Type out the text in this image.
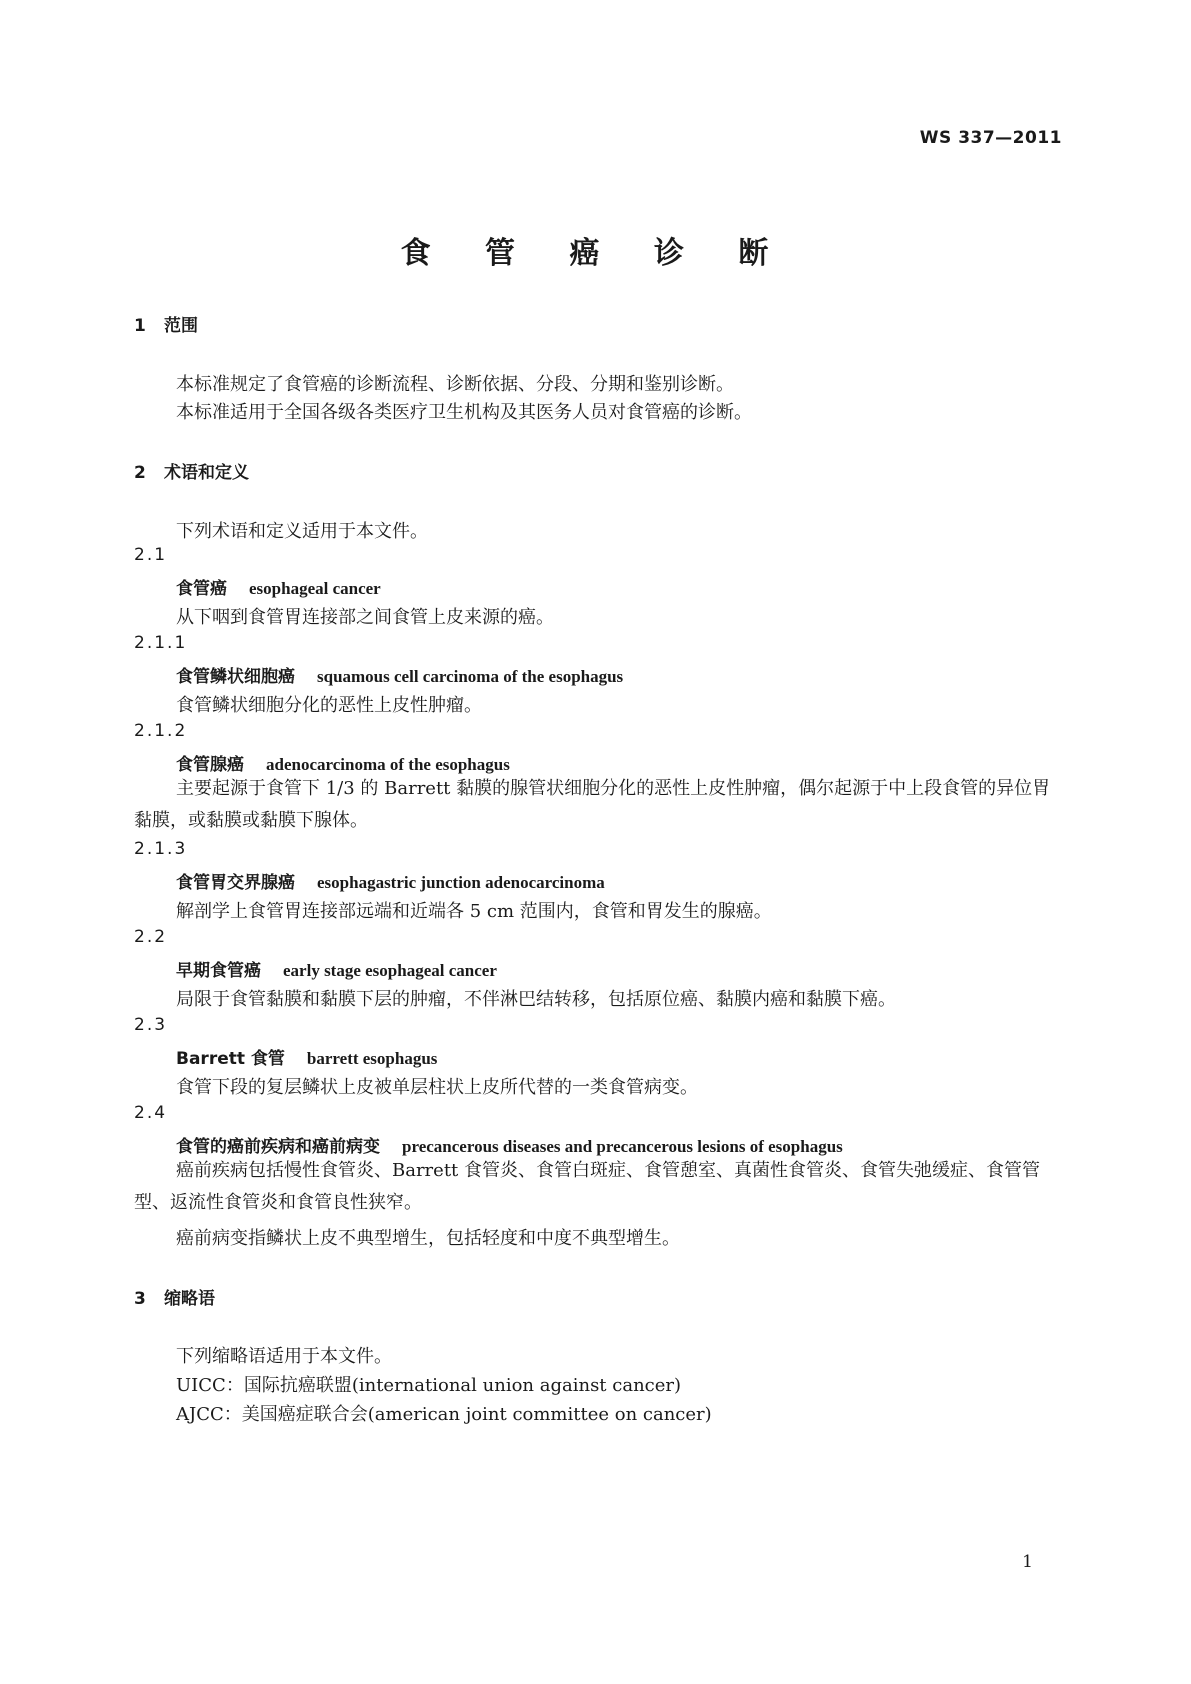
WS 337—2011
食 管 癌 诊 断
1 范围
本标准规定了食管癌的诊断流程、诊断依据、分段、分期和鉴别诊断。
本标准适用于全国各级各类医疗卫生机构及其医务人员对食管癌的诊断。
2 术语和定义
下列术语和定义适用于本文件。
2.1
食管癌 esophageal cancer
从下咽到食管胃连接部之间食管上皮来源的癌。
2.1.1
食管鳞状细胞癌 squamous cell carcinoma of the esophagus
食管鳞状细胞分化的恶性上皮性肿瘤。
2.1.2
食管腺癌 adenocarcinoma of the esophagus
主要起源于食管下 1/3 的 Barrett 黏膜的腺管状细胞分化的恶性上皮性肿瘤，偶尔起源于中上段食管的异位胃黏膜，或黏膜或黏膜下腺体。
2.1.3
食管胃交界腺癌 esophagastric junction adenocarcinoma
解剖学上食管胃连接部远端和近端各 5 cm 范围内，食管和胃发生的腺癌。
2.2
早期食管癌 early stage esophageal cancer
局限于食管黏膜和黏膜下层的肿瘤，不伴淋巴结转移，包括原位癌、黏膜内癌和黏膜下癌。
2.3
Barrett 食管 barrett esophagus
食管下段的复层鳞状上皮被单层柱状上皮所代替的一类食管病变。
2.4
食管的癌前疾病和癌前病变 precancerous diseases and precancerous lesions of esophagus
癌前疾病包括慢性食管炎、Barrett 食管炎、食管白斑症、食管憩室、真菌性食管炎、食管失弛缓症、食管管型、返流性食管炎和食管良性狭窄。
癌前病变指鳞状上皮不典型增生，包括轻度和中度不典型增生。
3 缩略语
下列缩略语适用于本文件。
UICC：国际抗癌联盟(international union against cancer)
AJCC：美国癌症联合会(american joint committee on cancer)
1
